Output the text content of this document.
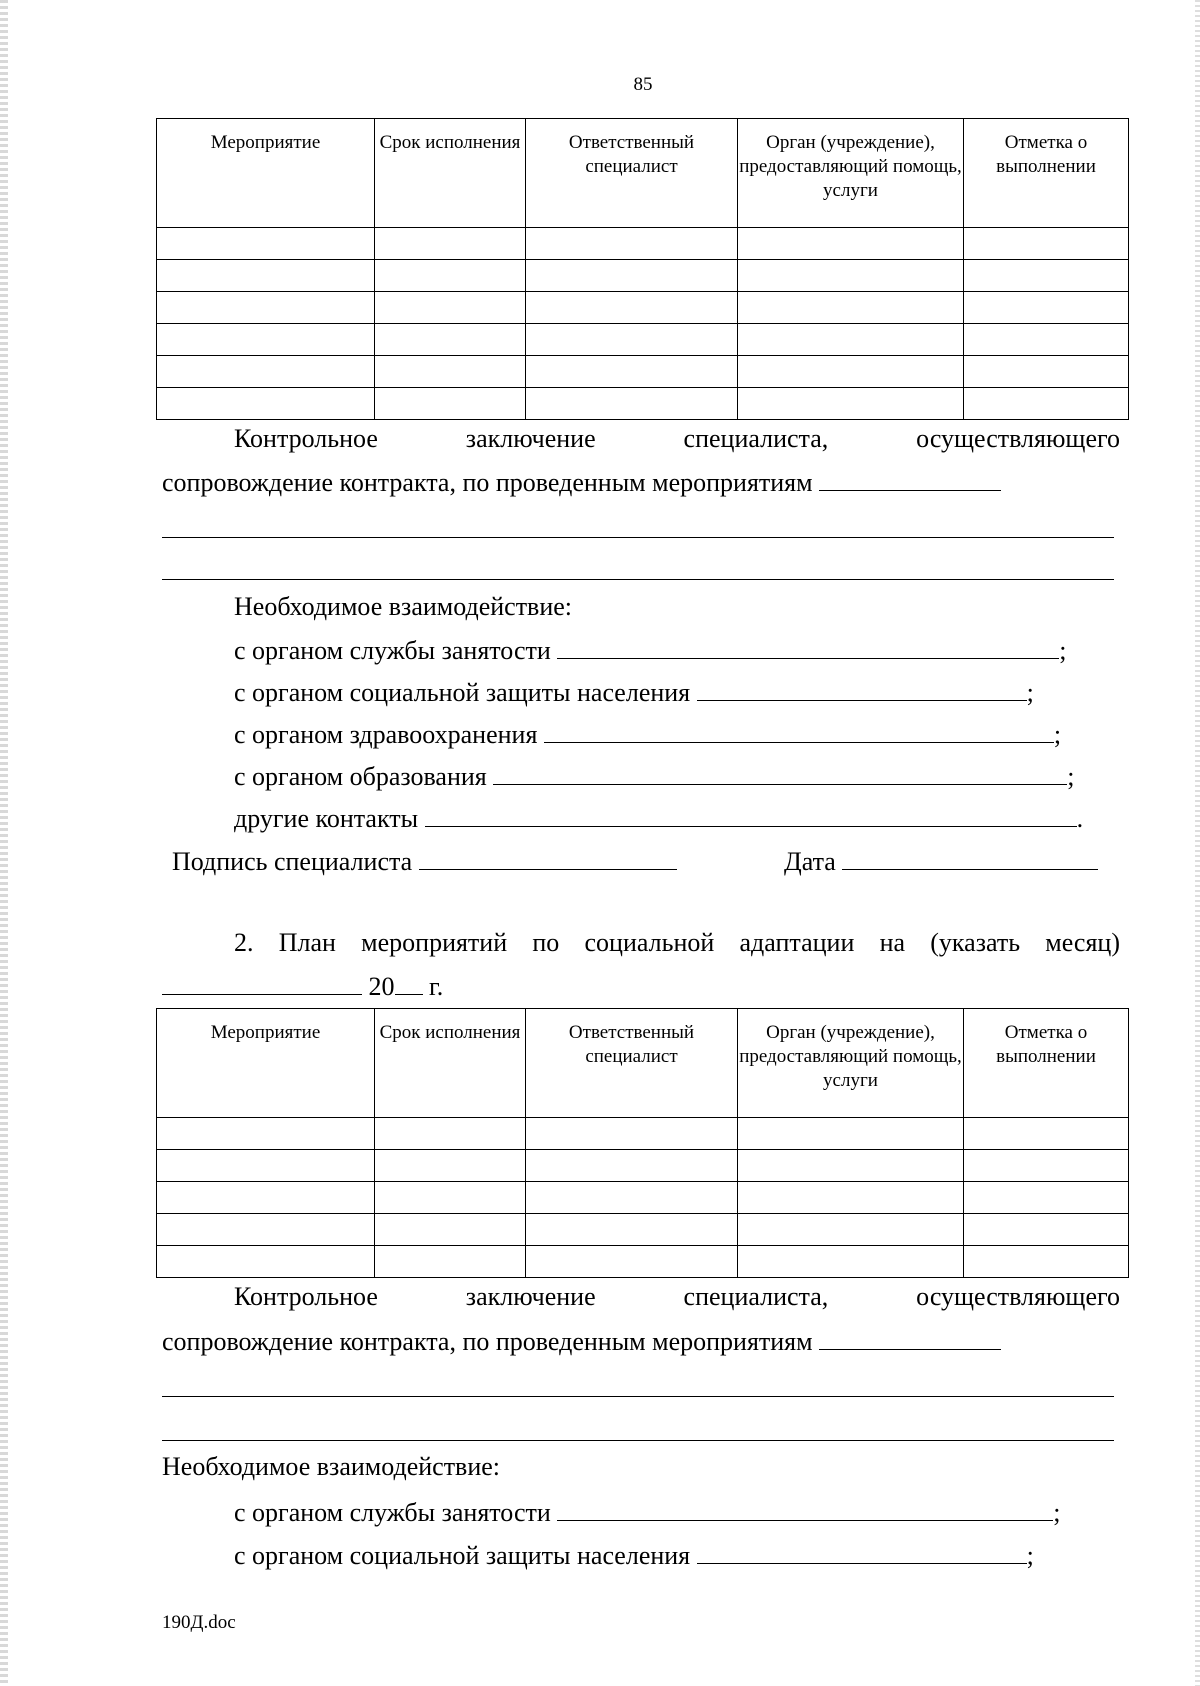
85
Мероприятие	Срок исполнения	Ответственный специалист	Орган (учреждение), предоставляющий помощь, услуги	Отметка о выполнении

Контрольное	заключение	специалиста,	осуществляющего
сопровождение контракта, по проведенным мероприятиям
Необходимое взаимодействие:
с органом службы занятости	;
с органом социальной защиты населения	;
с органом здравоохранения	;
с органом образования	;
другие контакты	.
Подпись специалиста	Дата
2. План мероприятий по социальной адаптации на (указать месяц)
20 г.
Мероприятие	Срок исполнения	Ответственный специалист	Орган (учреждение), предоставляющий помощь, услуги	Отметка о выполнении

Контрольное	заключение	специалиста,	осуществляющего
сопровождение контракта, по проведенным мероприятиям
Необходимое взаимодействие:
с органом службы занятости	;
с органом социальной защиты населения	;
190Д.doc
